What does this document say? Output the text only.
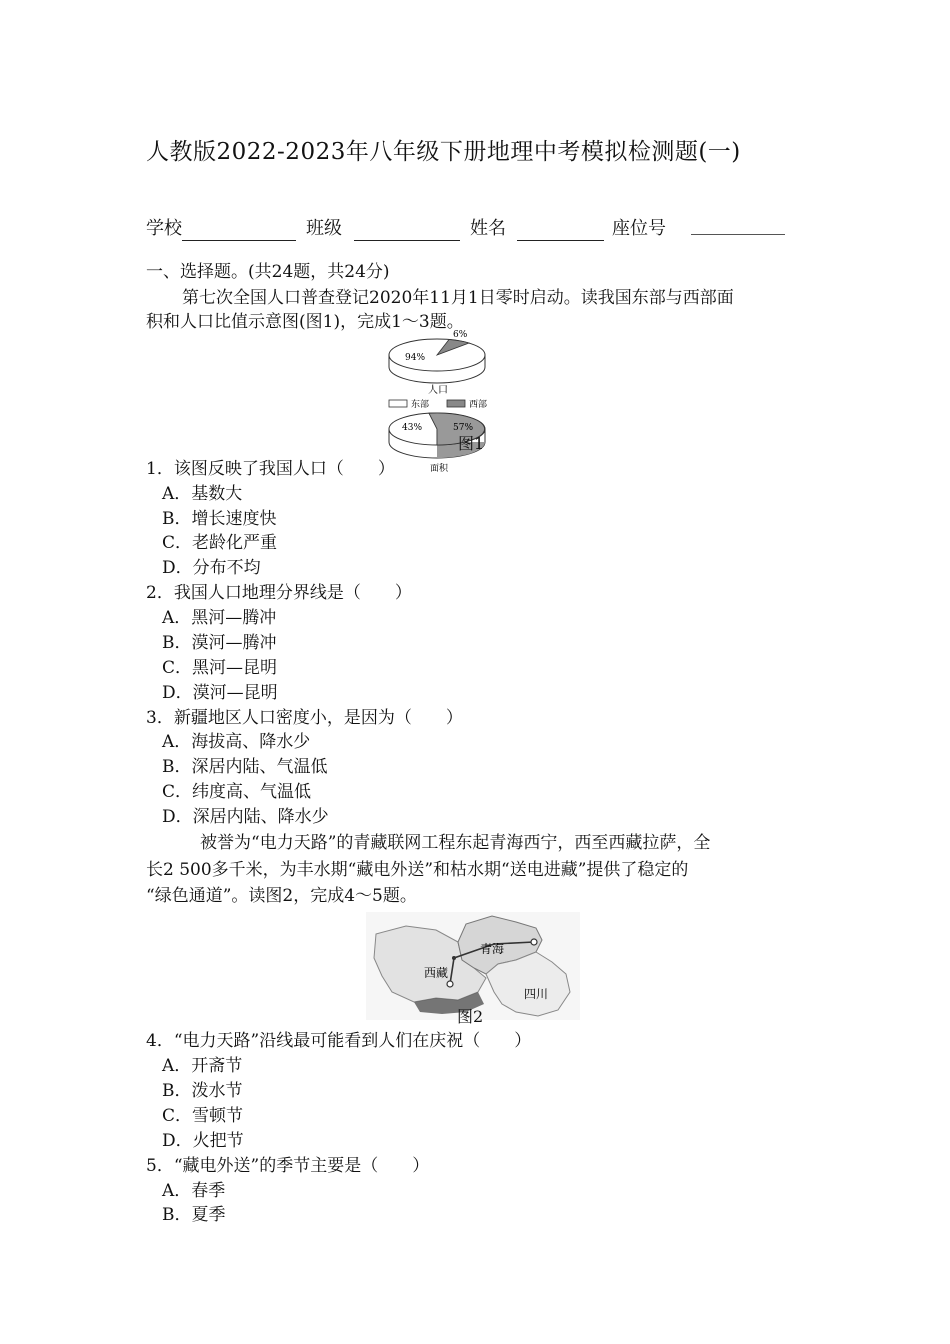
人教版2022-2023年八年级下册地理中考模拟检测题(一)
学校	班级	姓名	座位号
一、选择题。(共24题，共24分)
第七次全国人口普查登记2020年11月1日零时启动。读我国东部与西部面
积和人口比值示意图(图1)，完成1～3题。
94%
6%
人口
东部	西部
43%	57%
面积
图1
1．该图反映了我国人口（　　）
A．基数大
B．增长速度快
C．老龄化严重
D．分布不均
2．我国人口地理分界线是（　　）
A．黑河—腾冲
B．漠河—腾冲
C．黑河—昆明
D．漠河—昆明
3．新疆地区人口密度小，是因为（　　）
A．海拔高、降水少
B．深居内陆、气温低
C．纬度高、气温低
D．深居内陆、降水少
被誉为“电力天路”的青藏联网工程东起青海西宁，西至西藏拉萨，全
长2 500多千米，为丰水期“藏电外送”和枯水期“送电进藏”提供了稳定的
“绿色通道”。读图2，完成4～5题。
青海
西藏
四川
图2
4．“电力天路”沿线最可能看到人们在庆祝（　　）
A．开斋节
B．泼水节
C．雪顿节
D．火把节
5．“藏电外送”的季节主要是（　　）
A．春季
B．夏季
